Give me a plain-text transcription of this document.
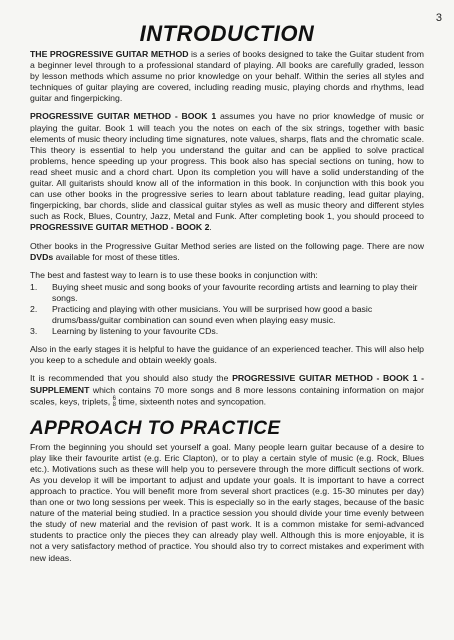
3
INTRODUCTION

THE PROGRESSIVE GUITAR METHOD is a series of books designed to take the Guitar student from a beginner level through to a professional standard of playing. All books are carefully graded, lesson by lesson methods which assume no prior knowledge on your behalf. Within the series all styles and techniques of guitar playing are covered, including reading music, playing chords and rhythms, lead guitar and fingerpicking.

PROGRESSIVE GUITAR METHOD - BOOK 1 assumes you have no prior knowledge of music or playing the guitar. Book 1 will teach you the notes on each of the six strings, together with basic elements of music theory including time signatures, note values, sharps, flats and the chromatic scale. This theory is essential to help you understand the guitar and can be applied to solve practical problems, hence speeding up your progress. This book also has special sections on tuning, how to read sheet music and a chord chart. Upon its completion you will have a solid understanding of the guitar. All guitarists should know all of the information in this book. In conjunction with this book you can use other books in the progressive series to learn about tablature reading, lead guitar playing, fingerpicking, bar chords, slide and classical guitar styles as well as music theory and different styles such as Rock, Blues, Country, Jazz, Metal and Funk. After completing book 1, you should proceed to PROGRESSIVE GUITAR METHOD - BOOK 2.

Other books in the Progressive Guitar Method series are listed on the following page. There are now DVDs available for most of these titles.

The best and fastest way to learn is to use these books in conjunction with:

1. Buying sheet music and song books of your favourite recording artists and learning to play their songs.
2. Practicing and playing with other musicians. You will be surprised how good a basic drums/bass/guitar combination can sound even when playing easy music.
3. Learning by listening to your favourite CDs.

Also in the early stages it is helpful to have the guidance of an experienced teacher. This will also help you keep to a schedule and obtain weekly goals.

It is recommended that you should also study the PROGRESSIVE GUITAR METHOD - BOOK 1 - SUPPLEMENT which contains 70 more songs and 8 more lessons containing information on major scales, keys, triplets, 6
8 time, sixteenth notes and syncopation.

APPROACH TO PRACTICE

From the beginning you should set yourself a goal. Many people learn guitar because of a desire to play like their favourite artist (e.g. Eric Clapton), or to play a certain style of music (e.g. Rock, Blues etc.). Motivations such as these will help you to persevere through the more difficult sections of work. As you develop it will be important to adjust and update your goals. It is important to have a correct approach to practice. You will benefit more from several short practices (e.g. 15-30 minutes per day) than one or two long sessions per week. This is especially so in the early stages, because of the basic nature of the material being studied. In a practice session you should divide your time evenly between the study of new material and the revision of past work. It is a common mistake for semi-advanced students to practice only the pieces they can already play well. Although this is more enjoyable, it is not a very satisfactory method of practice. You should also try to correct mistakes and experiment with new ideas.
